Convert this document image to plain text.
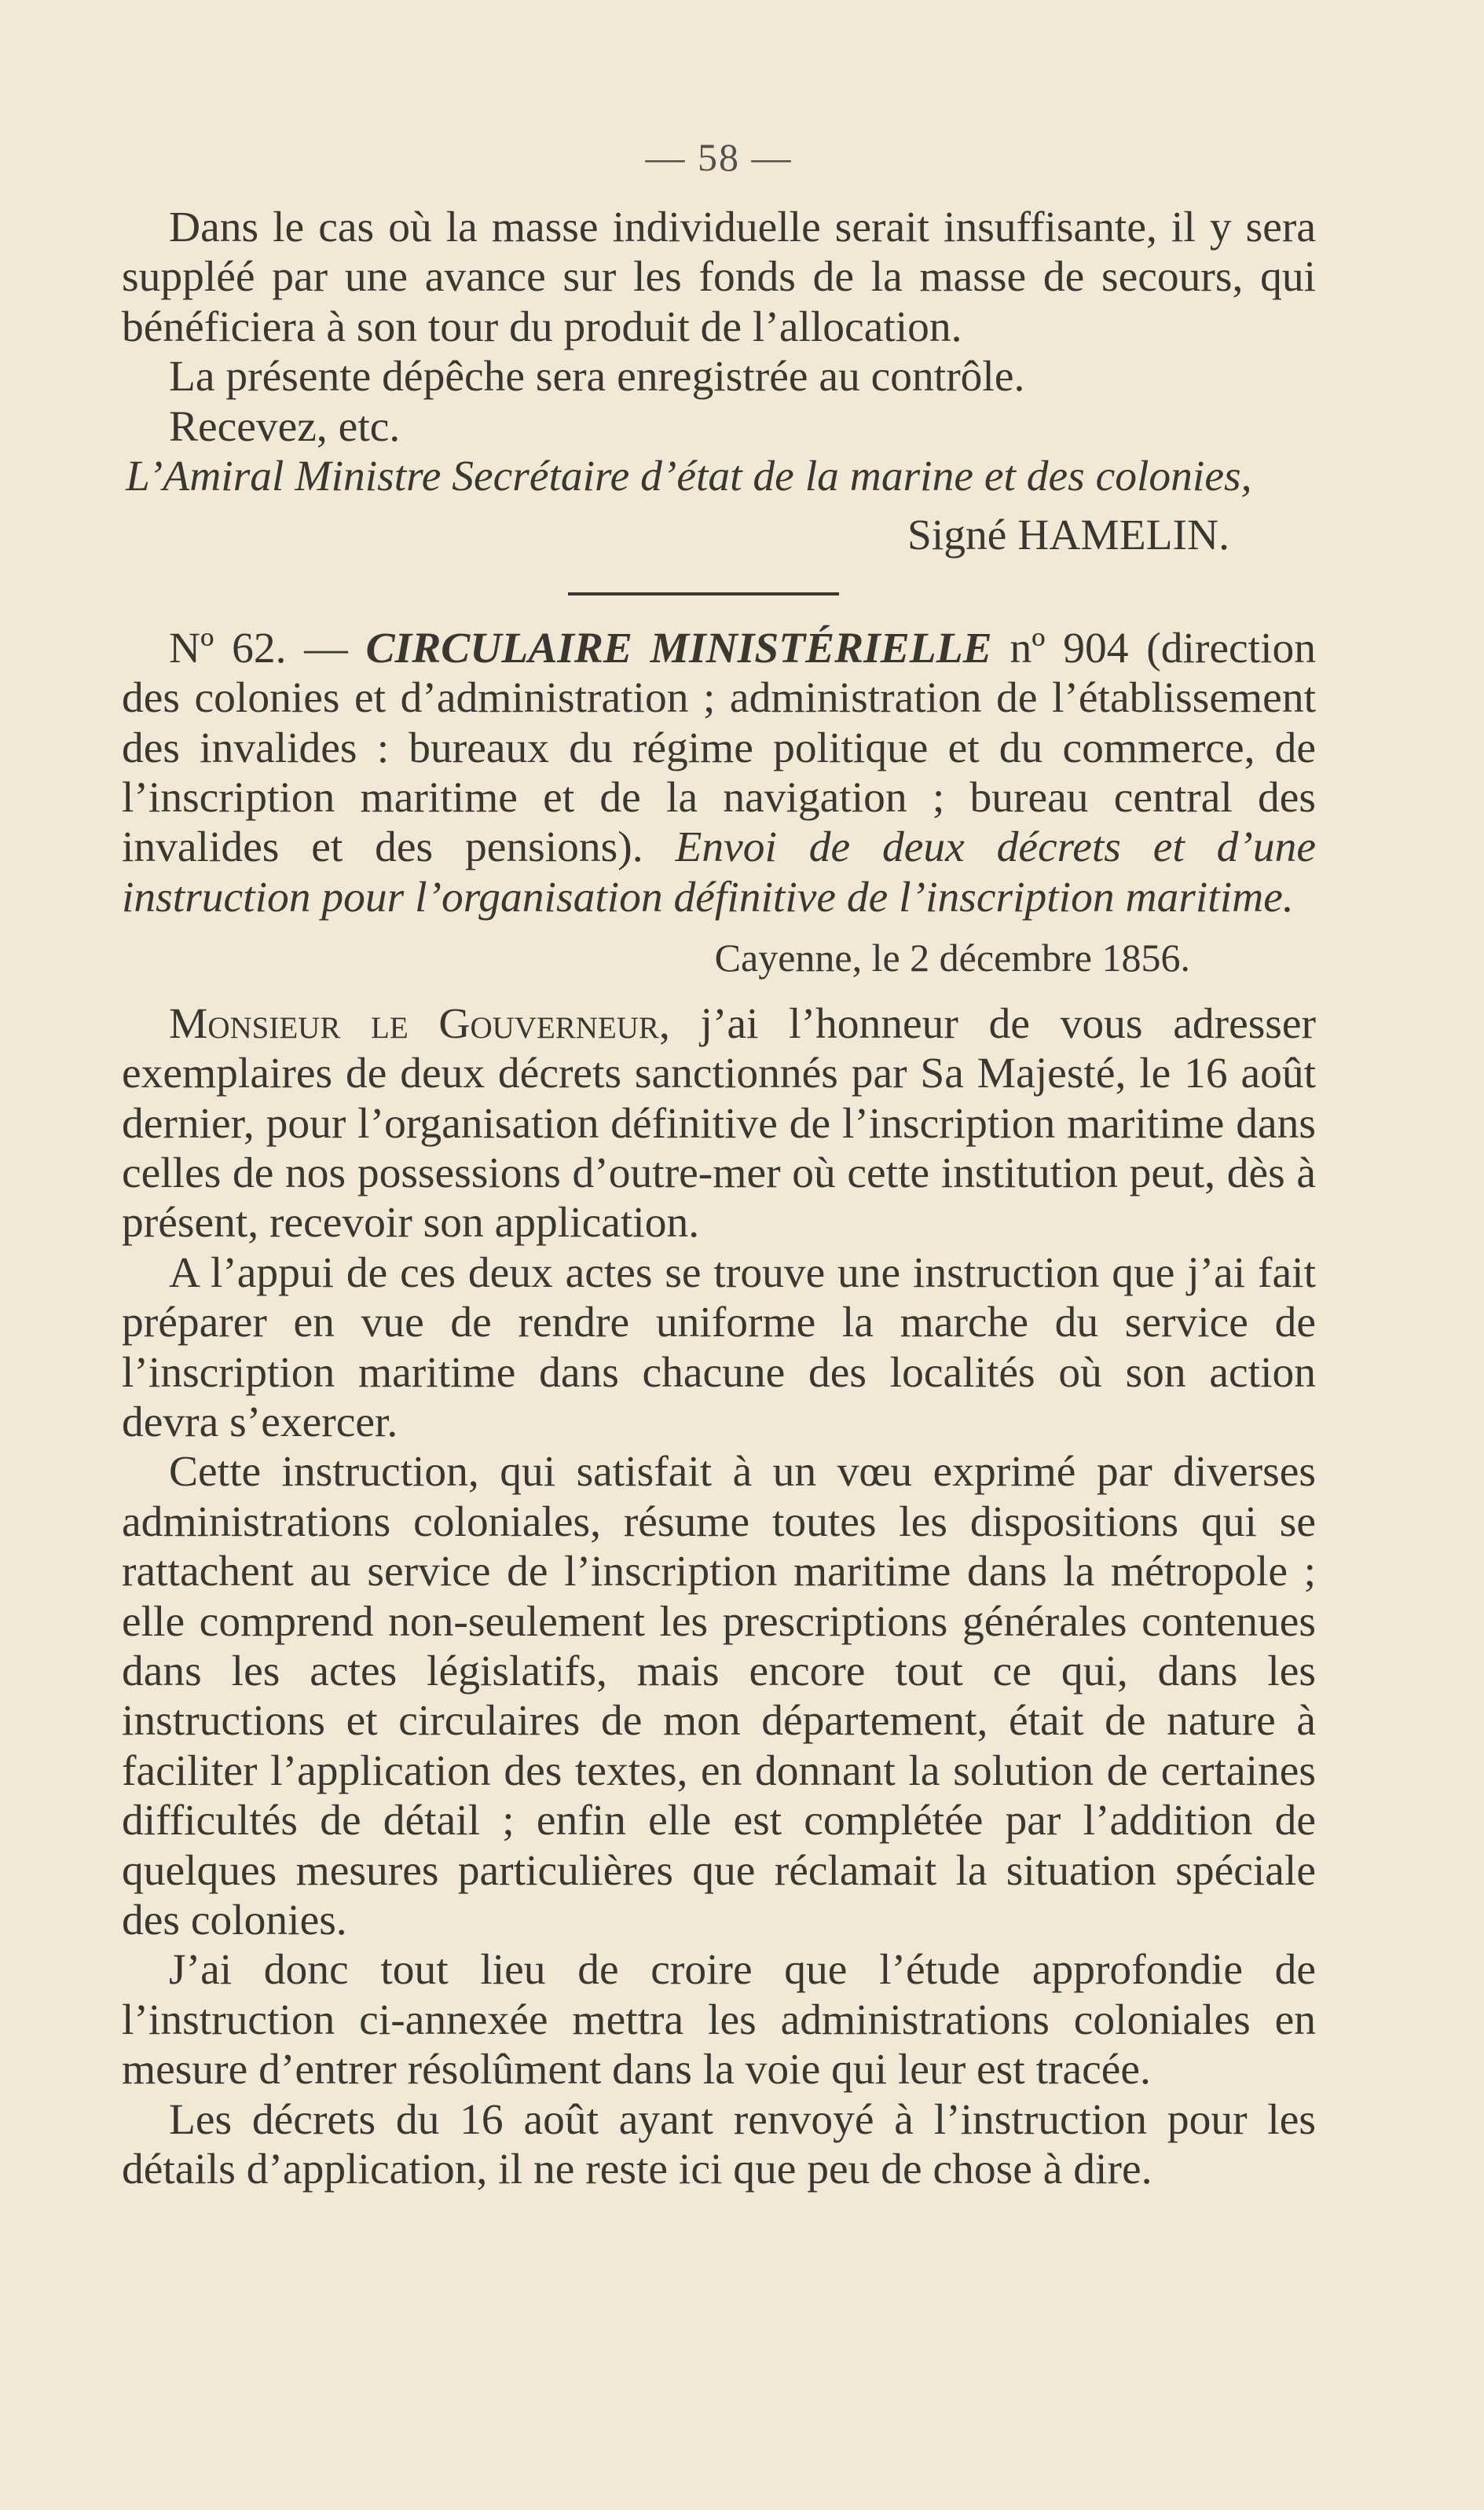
— 58 —

Dans le cas où la masse individuelle serait insuffisante, il y sera suppléé par une avance sur les fonds de la masse de secours, qui bénéficiera à son tour du produit de l’allocation.

La présente dépêche sera enregistrée au contrôle.

Recevez, etc.

L’Amiral Ministre Secrétaire d’état de la marine et des colonies,

Signé HAMELIN.

Nº 62. — CIRCULAIRE MINISTÉRIELLE nº 904 (direction des colonies et d’administration ; administration de l’établissement des invalides : bureaux du régime politique et du commerce, de l’inscription maritime et de la navigation ; bureau central des invalides et des pensions). Envoi de deux décrets et d’une instruction pour l’organisation définitive de l’inscription maritime.

Cayenne, le 2 décembre 1856.

Monsieur le Gouverneur, j’ai l’honneur de vous adresser exemplaires de deux décrets sanctionnés par Sa Majesté, le 16 août dernier, pour l’organisation définitive de l’inscription maritime dans celles de nos possessions d’outre-mer où cette institution peut, dès à présent, recevoir son application.

A l’appui de ces deux actes se trouve une instruction que j’ai fait préparer en vue de rendre uniforme la marche du service de l’inscription maritime dans chacune des localités où son action devra s’exercer.

Cette instruction, qui satisfait à un vœu exprimé par diverses administrations coloniales, résume toutes les dispositions qui se rattachent au service de l’inscription maritime dans la métropole ; elle comprend non-seulement les prescriptions générales contenues dans les actes législatifs, mais encore tout ce qui, dans les instructions et circulaires de mon département, était de nature à faciliter l’application des textes, en donnant la solution de certaines difficultés de détail ; enfin elle est complétée par l’addition de quelques mesures particulières que réclamait la situation spéciale des colonies.

J’ai donc tout lieu de croire que l’étude approfondie de l’instruction ci-annexée mettra les administrations coloniales en mesure d’entrer résolûment dans la voie qui leur est tracée.

Les décrets du 16 août ayant renvoyé à l’instruction pour les détails d’application, il ne reste ici que peu de chose à dire.
